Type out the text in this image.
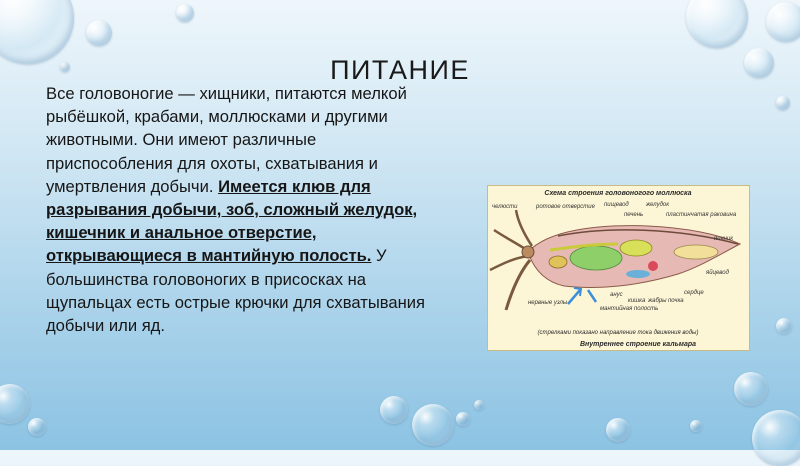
ПИТАНИЕ
Все головоногие — хищники, питаются мелкой рыбёшкой, крабами, моллюсками и другими животными. Они имеют различные приспособления для охоты, схватывания и умертвления добычи. Имеется клюв для разрывания добычи, зоб, сложный желудок, кишечник и анальное отверстие, открывающиеся в мантийную полость. У большинства головоногих в присосках на щупальцах есть острые крючки для схватывания добычи или яд.
Схема строения головоногого моллюска
(стрелками показано направление тока движения воды)
Внутреннее строение кальмара
челюсти	ротовое отверстие пищевод
печень
желудок
пластинчатая раковина
яичник
яйцевод
сердце
почка
жабры
кишка
анус
мантийная полость
нервные узлы
